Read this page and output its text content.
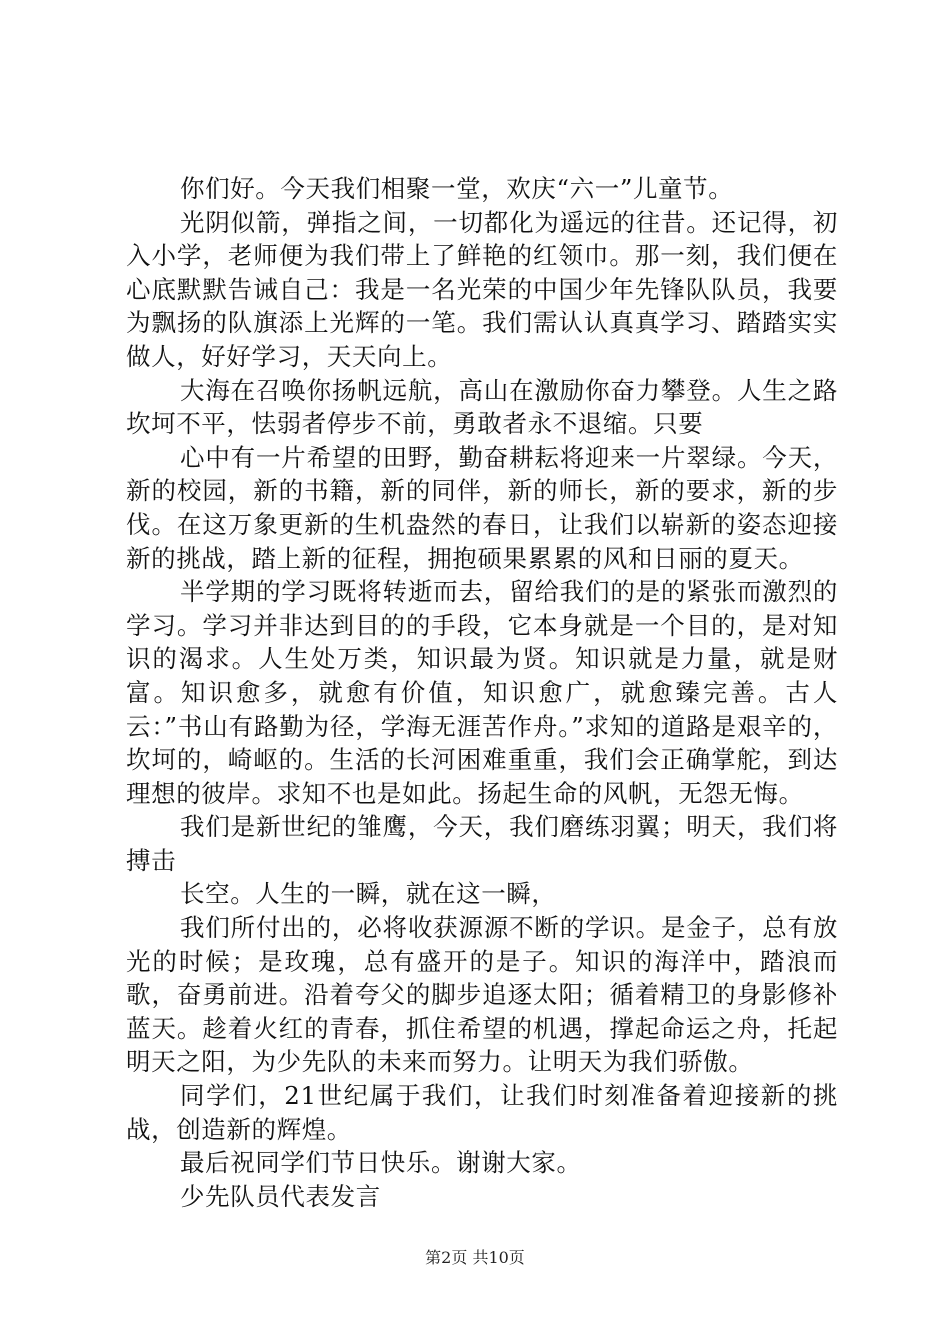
你们好。今天我们相聚一堂，欢庆“六一”儿童节。

光阴似箭，弹指之间，一切都化为遥远的往昔。还记得，初入小学，老师便为我们带上了鲜艳的红领巾。那一刻，我们便在心底默默告诫自己：我是一名光荣的中国少年先锋队队员，我要为飘扬的队旗添上光辉的一笔。我们需认认真真学习、踏踏实实做人，好好学习，天天向上。

大海在召唤你扬帆远航，高山在激励你奋力攀登。人生之路坎坷不平，怯弱者停步不前，勇敢者永不退缩。只要

心中有一片希望的田野，勤奋耕耘将迎来一片翠绿。今天，新的校园，新的书籍，新的同伴，新的师长，新的要求，新的步伐。在这万象更新的生机盎然的春日，让我们以崭新的姿态迎接新的挑战，踏上新的征程，拥抱硕果累累的风和日丽的夏天。

半学期的学习既将转逝而去，留给我们的是的紧张而激烈的学习。学习并非达到目的的手段，它本身就是一个目的，是对知识的渴求。人生处万类，知识最为贤。知识就是力量，就是财富。知识愈多，就愈有价值，知识愈广，就愈臻完善。古人云：”书山有路勤为径，学海无涯苦作舟。”求知的道路是艰辛的，坎坷的，崎岖的。生活的长河困难重重，我们会正确掌舵，到达理想的彼岸。求知不也是如此。扬起生命的风帆，无怨无悔。

我们是新世纪的雏鹰，今天，我们磨练羽翼；明天，我们将搏击

长空。人生的一瞬，就在这一瞬，

我们所付出的，必将收获源源不断的学识。是金子，总有放光的时候；是玫瑰，总有盛开的是子。知识的海洋中，踏浪而歌，奋勇前进。沿着夸父的脚步追逐太阳；循着精卫的身影修补蓝天。趁着火红的青春，抓住希望的机遇，撑起命运之舟，托起明天之阳，为少先队的未来而努力。让明天为我们骄傲。

同学们，21世纪属于我们，让我们时刻准备着迎接新的挑战，创造新的辉煌。

最后祝同学们节日快乐。谢谢大家。

少先队员代表发言

第2页 共10页
